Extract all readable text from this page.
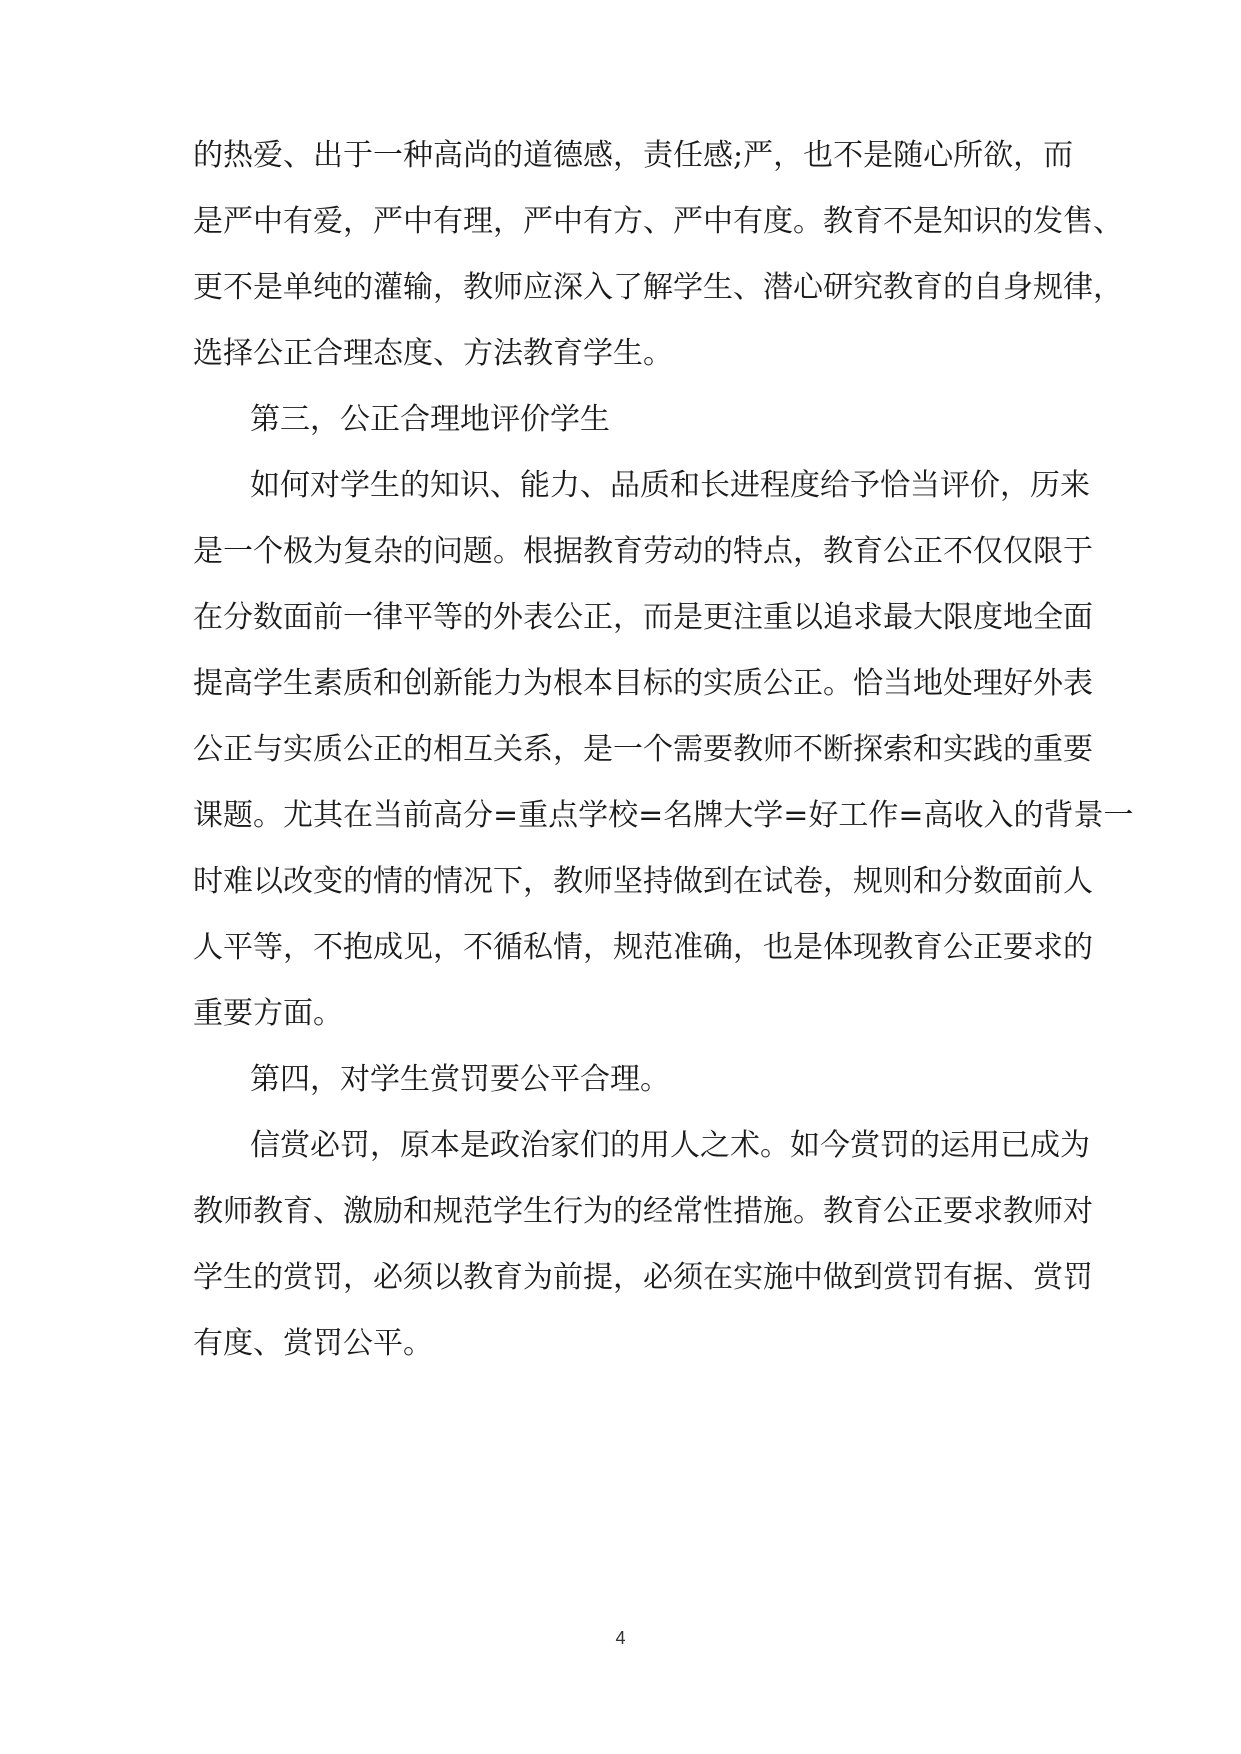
的热爱、出于一种高尚的道德感，责任感;严，也不是随心所欲，而
是严中有爱，严中有理，严中有方、严中有度。教育不是知识的发售、
更不是单纯的灌输，教师应深入了解学生、潜心研究教育的自身规律，
选择公正合理态度、方法教育学生。
第三，公正合理地评价学生
如何对学生的知识、能力、品质和长进程度给予恰当评价，历来
是一个极为复杂的问题。根据教育劳动的特点，教育公正不仅仅限于
在分数面前一律平等的外表公正，而是更注重以追求最大限度地全面
提高学生素质和创新能力为根本目标的实质公正。恰当地处理好外表
公正与实质公正的相互关系，是一个需要教师不断探索和实践的重要
课题。尤其在当前高分=重点学校=名牌大学=好工作=高收入的背景一
时难以改变的情的情况下，教师坚持做到在试卷，规则和分数面前人
人平等，不抱成见，不循私情，规范准确，也是体现教育公正要求的
重要方面。
第四，对学生赏罚要公平合理。
信赏必罚，原本是政治家们的用人之术。如今赏罚的运用已成为
教师教育、激励和规范学生行为的经常性措施。教育公正要求教师对
学生的赏罚，必须以教育为前提，必须在实施中做到赏罚有据、赏罚
有度、赏罚公平。
4
